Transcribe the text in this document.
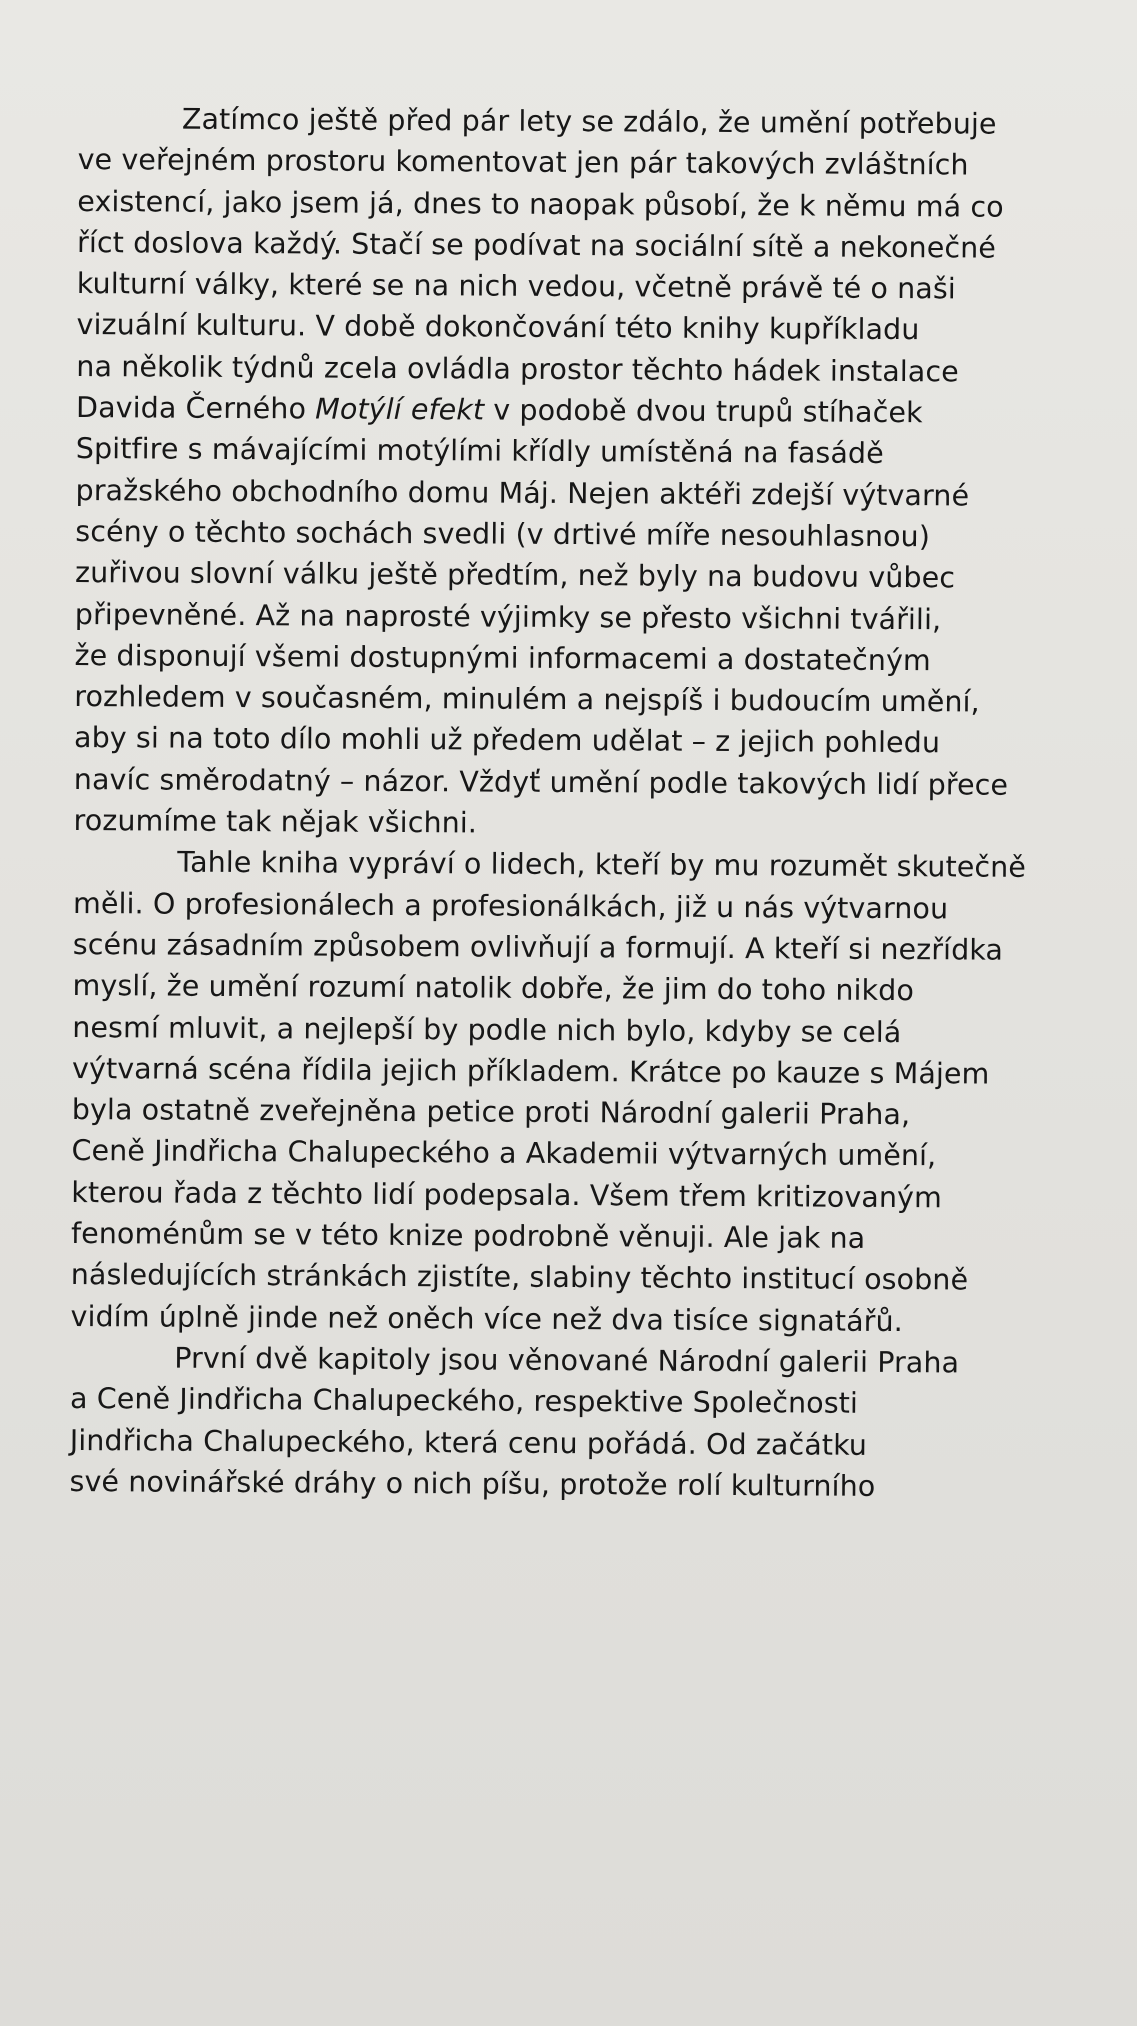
Zatímco ještě před pár lety se zdálo, že umění potřebuje
ve veřejném prostoru komentovat jen pár takových zvláštních
existencí, jako jsem já, dnes to naopak působí, že k němu má co
říct doslova každý. Stačí se podívat na sociální sítě a nekonečné
kulturní války, které se na nich vedou, včetně právě té o naši
vizuální kulturu. V době dokončování této knihy kupříkladu
na několik týdnů zcela ovládla prostor těchto hádek instalace
Davida Černého Motýlí efekt v podobě dvou trupů stíhaček
Spitfire s mávajícími motýlími křídly umístěná na fasádě
pražského obchodního domu Máj. Nejen aktéři zdejší výtvarné
scény o těchto sochách svedli (v drtivé míře nesouhlasnou)
zuřivou slovní válku ještě předtím, než byly na budovu vůbec
připevněné. Až na naprosté výjimky se přesto všichni tvářili,
že disponují všemi dostupnými informacemi a dostatečným
rozhledem v současném, minulém a nejspíš i budoucím umění,
aby si na toto dílo mohli už předem udělat – z jejich pohledu
navíc směrodatný – názor. Vždyť umění podle takových lidí přece
rozumíme tak nějak všichni.
Tahle kniha vypráví o lidech, kteří by mu rozumět skutečně
měli. O profesionálech a profesionálkách, již u nás výtvarnou
scénu zásadním způsobem ovlivňují a formují. A kteří si nezřídka
myslí, že umění rozumí natolik dobře, že jim do toho nikdo
nesmí mluvit, a nejlepší by podle nich bylo, kdyby se celá
výtvarná scéna řídila jejich příkladem. Krátce po kauze s Májem
byla ostatně zveřejněna petice proti Národní galerii Praha,
Ceně Jindřicha Chalupeckého a Akademii výtvarných umění,
kterou řada z těchto lidí podepsala. Všem třem kritizovaným
fenoménům se v této knize podrobně věnuji. Ale jak na
následujících stránkách zjistíte, slabiny těchto institucí osobně
vidím úplně jinde než oněch více než dva tisíce signatářů.
První dvě kapitoly jsou věnované Národní galerii Praha
a Ceně Jindřicha Chalupeckého, respektive Společnosti
Jindřicha Chalupeckého, která cenu pořádá. Od začátku
své novinářské dráhy o nich píšu, protože rolí kulturního
